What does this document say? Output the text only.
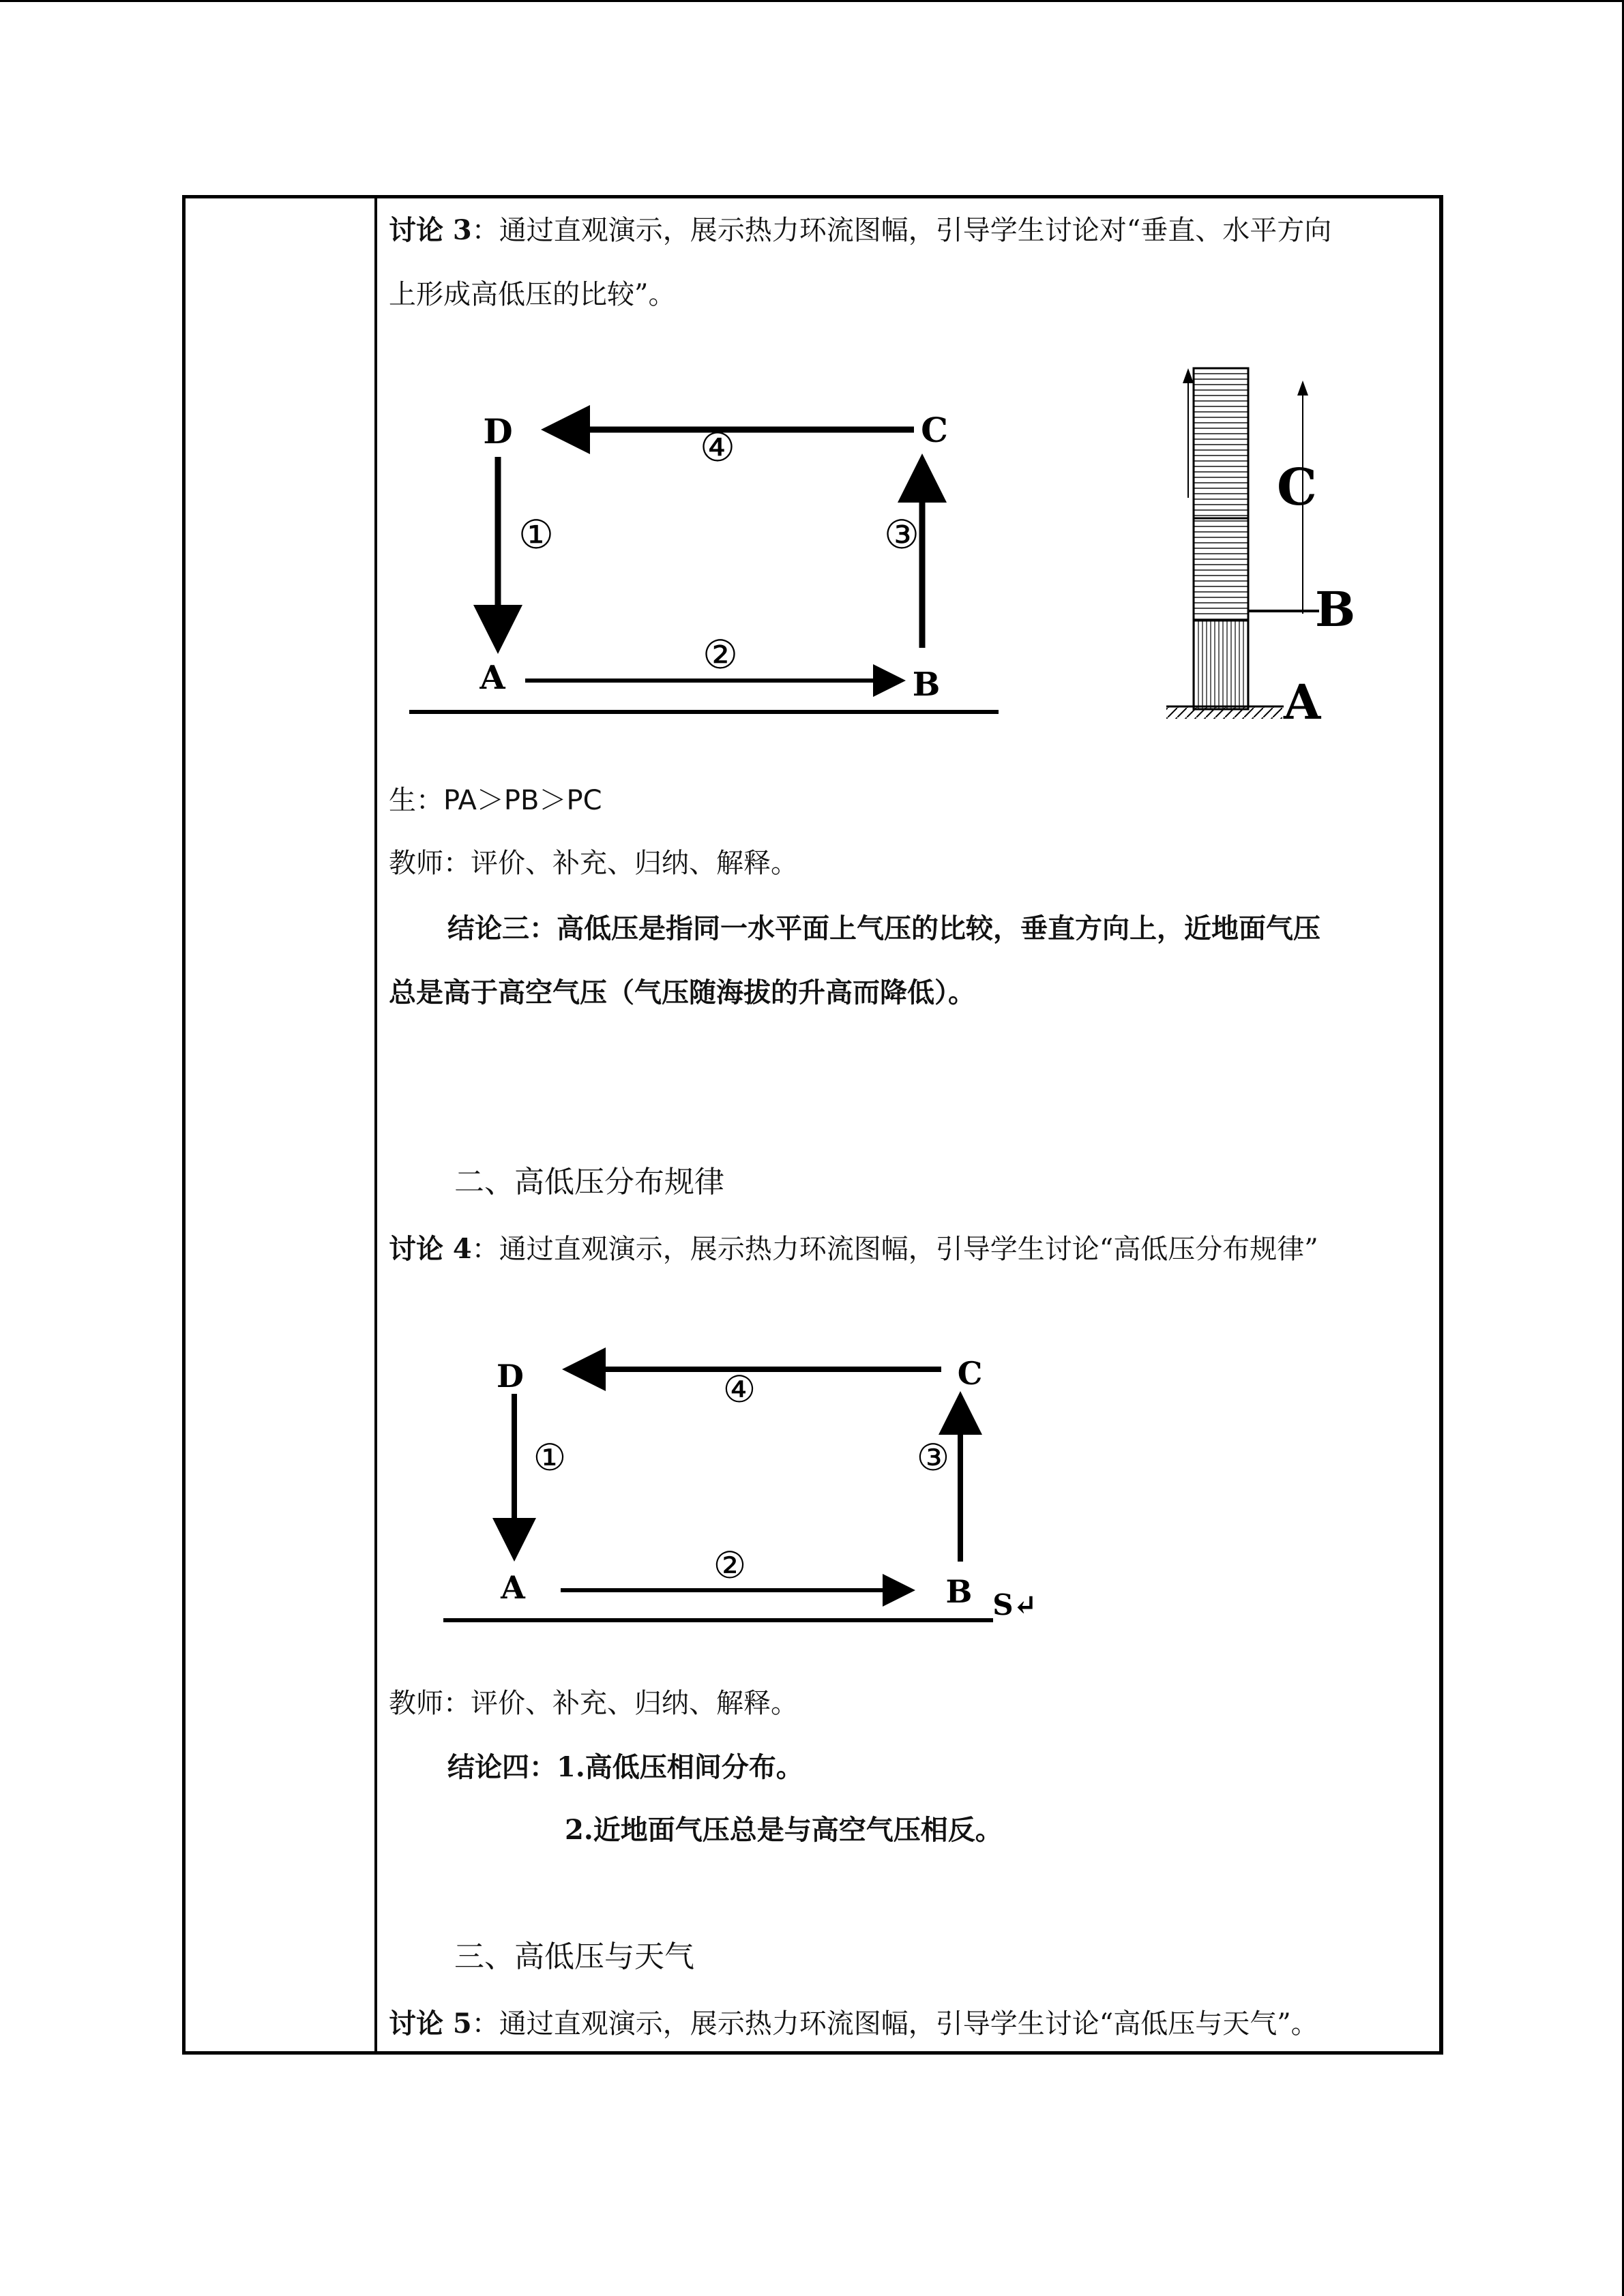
讨论 3：通过直观演示，展示热力环流图幅，引导学生讨论对“垂直、水平方向
上形成高低压的比较”。
D	C
A	B
④
①
②
③
C
B
A
生：PA＞PB＞PC
教师：评价、补充、归纳、解释。
结论三：高低压是指同一水平面上气压的比较，垂直方向上，近地面气压
总是高于高空气压（气压随海拔的升高而降低）。
二、高低压分布规律
讨论 4：通过直观演示，展示热力环流图幅，引导学生讨论“高低压分布规律”
D	C
A	B
④
①
②
③
S↵
教师：评价、补充、归纳、解释。
结论四：1.高低压相间分布。
2.近地面气压总是与高空气压相反。
三、高低压与天气
讨论 5：通过直观演示，展示热力环流图幅，引导学生讨论“高低压与天气”。
